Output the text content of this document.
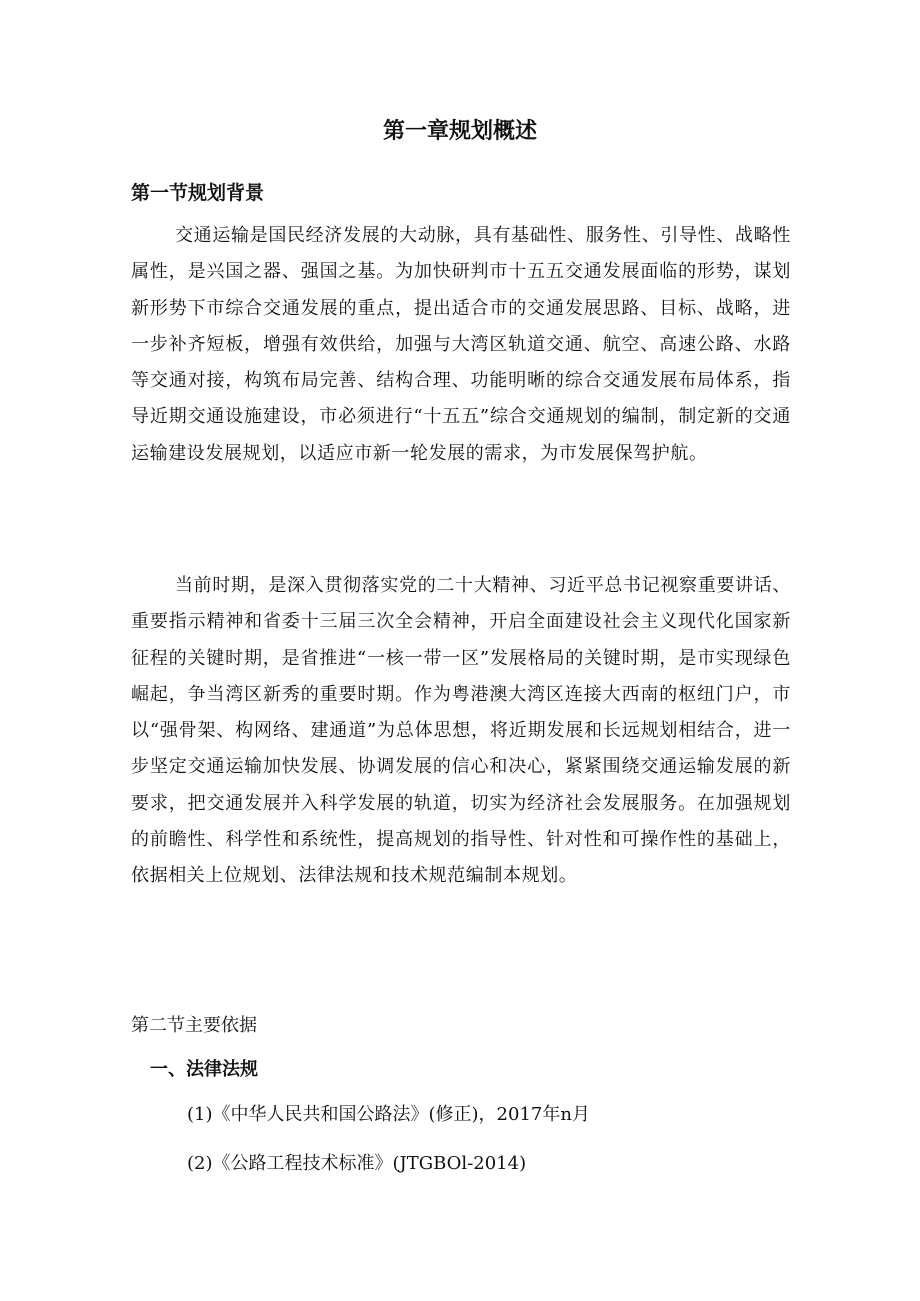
第一章规划概述
第一节规划背景

交通运输是国民经济发展的大动脉，具有基础性、服务性、引导性、战略性属性，是兴国之器、强国之基。为加快研判市十五五交通发展面临的形势，谋划新形势下市综合交通发展的重点，提出适合市的交通发展思路、目标、战略，进一步补齐短板，增强有效供给，加强与大湾区轨道交通、航空、高速公路、水路等交通对接，构筑布局完善、结构合理、功能明晰的综合交通发展布局体系，指导近期交通设施建设，市必须进行“十五五”综合交通规划的编制，制定新的交通运输建设发展规划，以适应市新一轮发展的需求，为市发展保驾护航。

当前时期，是深入贯彻落实党的二十大精神、习近平总书记视察重要讲话、重要指示精神和省委十三届三次全会精神，开启全面建设社会主义现代化国家新征程的关键时期，是省推进“一核一带一区”发展格局的关键时期，是市实现绿色崛起，争当湾区新秀的重要时期。作为粤港澳大湾区连接大西南的枢纽门户，市以“强骨架、构网络、建通道”为总体思想，将近期发展和长远规划相结合，进一步坚定交通运输加快发展、协调发展的信心和决心，紧紧围绕交通运输发展的新要求，把交通发展并入科学发展的轨道，切实为经济社会发展服务。在加强规划的前瞻性、科学性和系统性，提高规划的指导性、针对性和可操作性的基础上，依据相关上位规划、法律法规和技术规范编制本规划。

第二节主要依据
一、法律法规

(1)《中华人民共和国公路法》(修正)，2017年n月

(2)《公路工程技术标准》(JTGBOl-2014)
